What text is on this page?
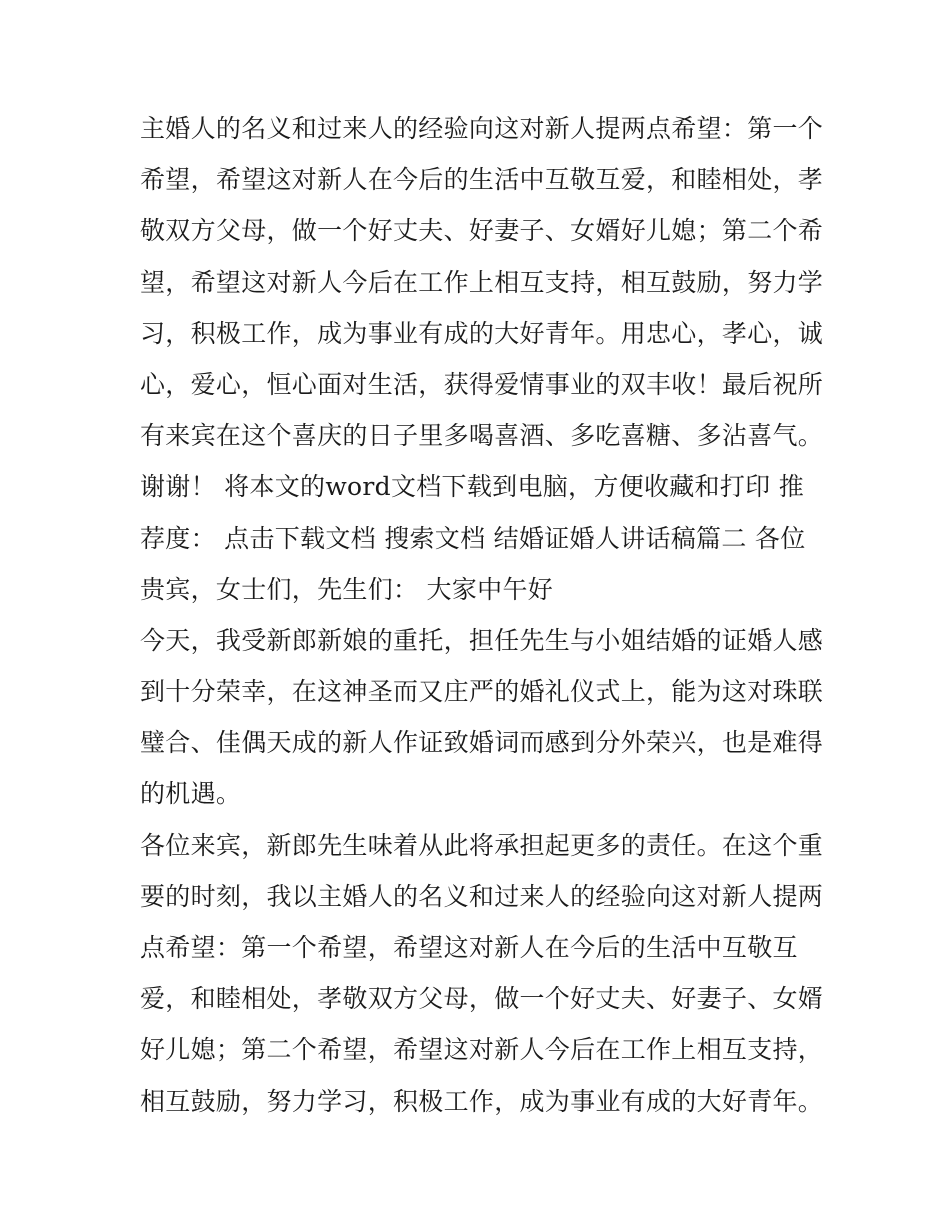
主婚人的名义和过来人的经验向这对新人提两点希望：第一个
希望，希望这对新人在今后的生活中互敬互爱，和睦相处，孝
敬双方父母，做一个好丈夫、好妻子、女婿好儿媳；第二个希
望，希望这对新人今后在工作上相互支持，相互鼓励，努力学
习，积极工作，成为事业有成的大好青年。用忠心，孝心，诚
心，爱心，恒心面对生活，获得爱情事业的双丰收！最后祝所
有来宾在这个喜庆的日子里多喝喜酒、多吃喜糖、多沾喜气。
谢谢！ 将本文的word文档下载到电脑，方便收藏和打印 推
荐度： 点击下载文档 搜索文档 结婚证婚人讲话稿篇二 各位
贵宾，女士们，先生们： 大家中午好
今天，我受新郎新娘的重托，担任先生与小姐结婚的证婚人感
到十分荣幸，在这神圣而又庄严的婚礼仪式上，能为这对珠联
璧合、佳偶天成的新人作证致婚词而感到分外荣兴，也是难得
的机遇。
各位来宾，新郎先生味着从此将承担起更多的责任。在这个重
要的时刻，我以主婚人的名义和过来人的经验向这对新人提两
点希望：第一个希望，希望这对新人在今后的生活中互敬互
爱，和睦相处，孝敬双方父母，做一个好丈夫、好妻子、女婿
好儿媳；第二个希望，希望这对新人今后在工作上相互支持，
相互鼓励，努力学习，积极工作，成为事业有成的大好青年。
